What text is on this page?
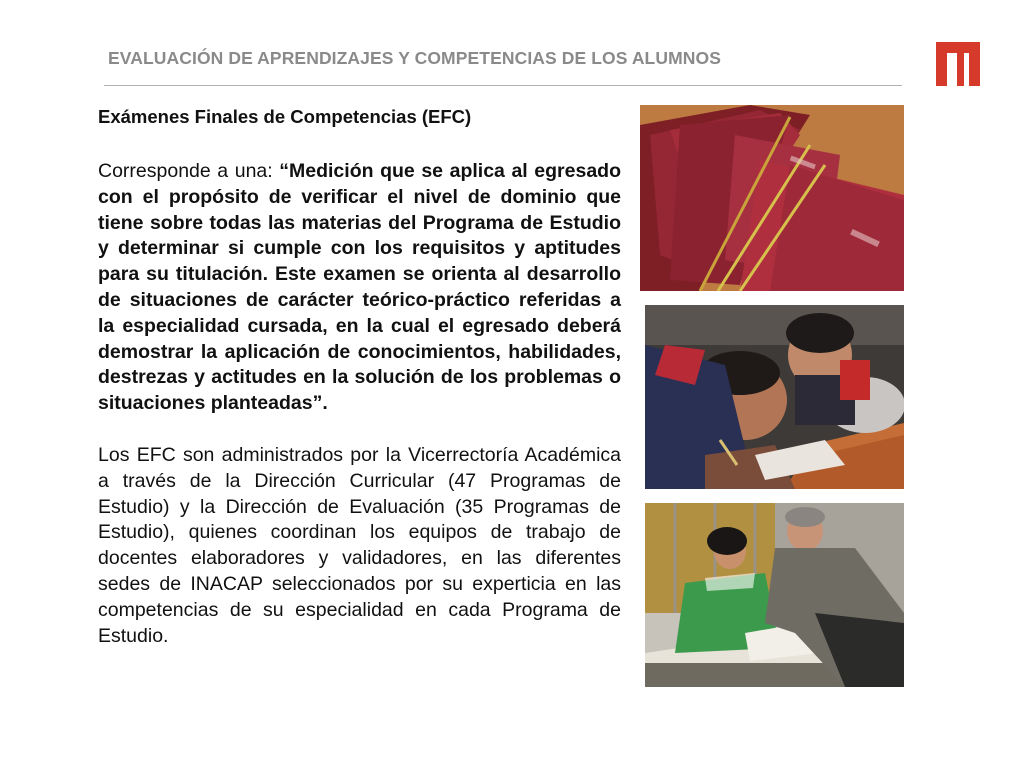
EVALUACIÓN DE APRENDIZAJES Y COMPETENCIAS DE LOS ALUMNOS

Exámenes Finales de Competencias (EFC)

Corresponde a una: “Medición que se aplica al egresado con el propósito de verificar el nivel de dominio que tiene sobre todas las materias del Programa de Estudio y determinar si cumple con los requisitos y aptitudes para su titulación. Este examen se orienta al desarrollo de situaciones de carácter teórico-práctico referidas a la especialidad cursada, en la cual el egresado deberá demostrar la aplicación de conocimientos, habilidades, destrezas y actitudes en la solución de los problemas o situaciones planteadas”.

Los EFC son administrados por la Vicerrectoría Académica a través de la Dirección Curricular (47 Programas de Estudio) y la Dirección de Evaluación (35 Programas de Estudio), quienes coordinan los equipos de trabajo de docentes elaboradores y validadores, en las diferentes sedes de INACAP seleccionados por su experticia en las competencias de su especialidad en cada Programa de Estudio.
